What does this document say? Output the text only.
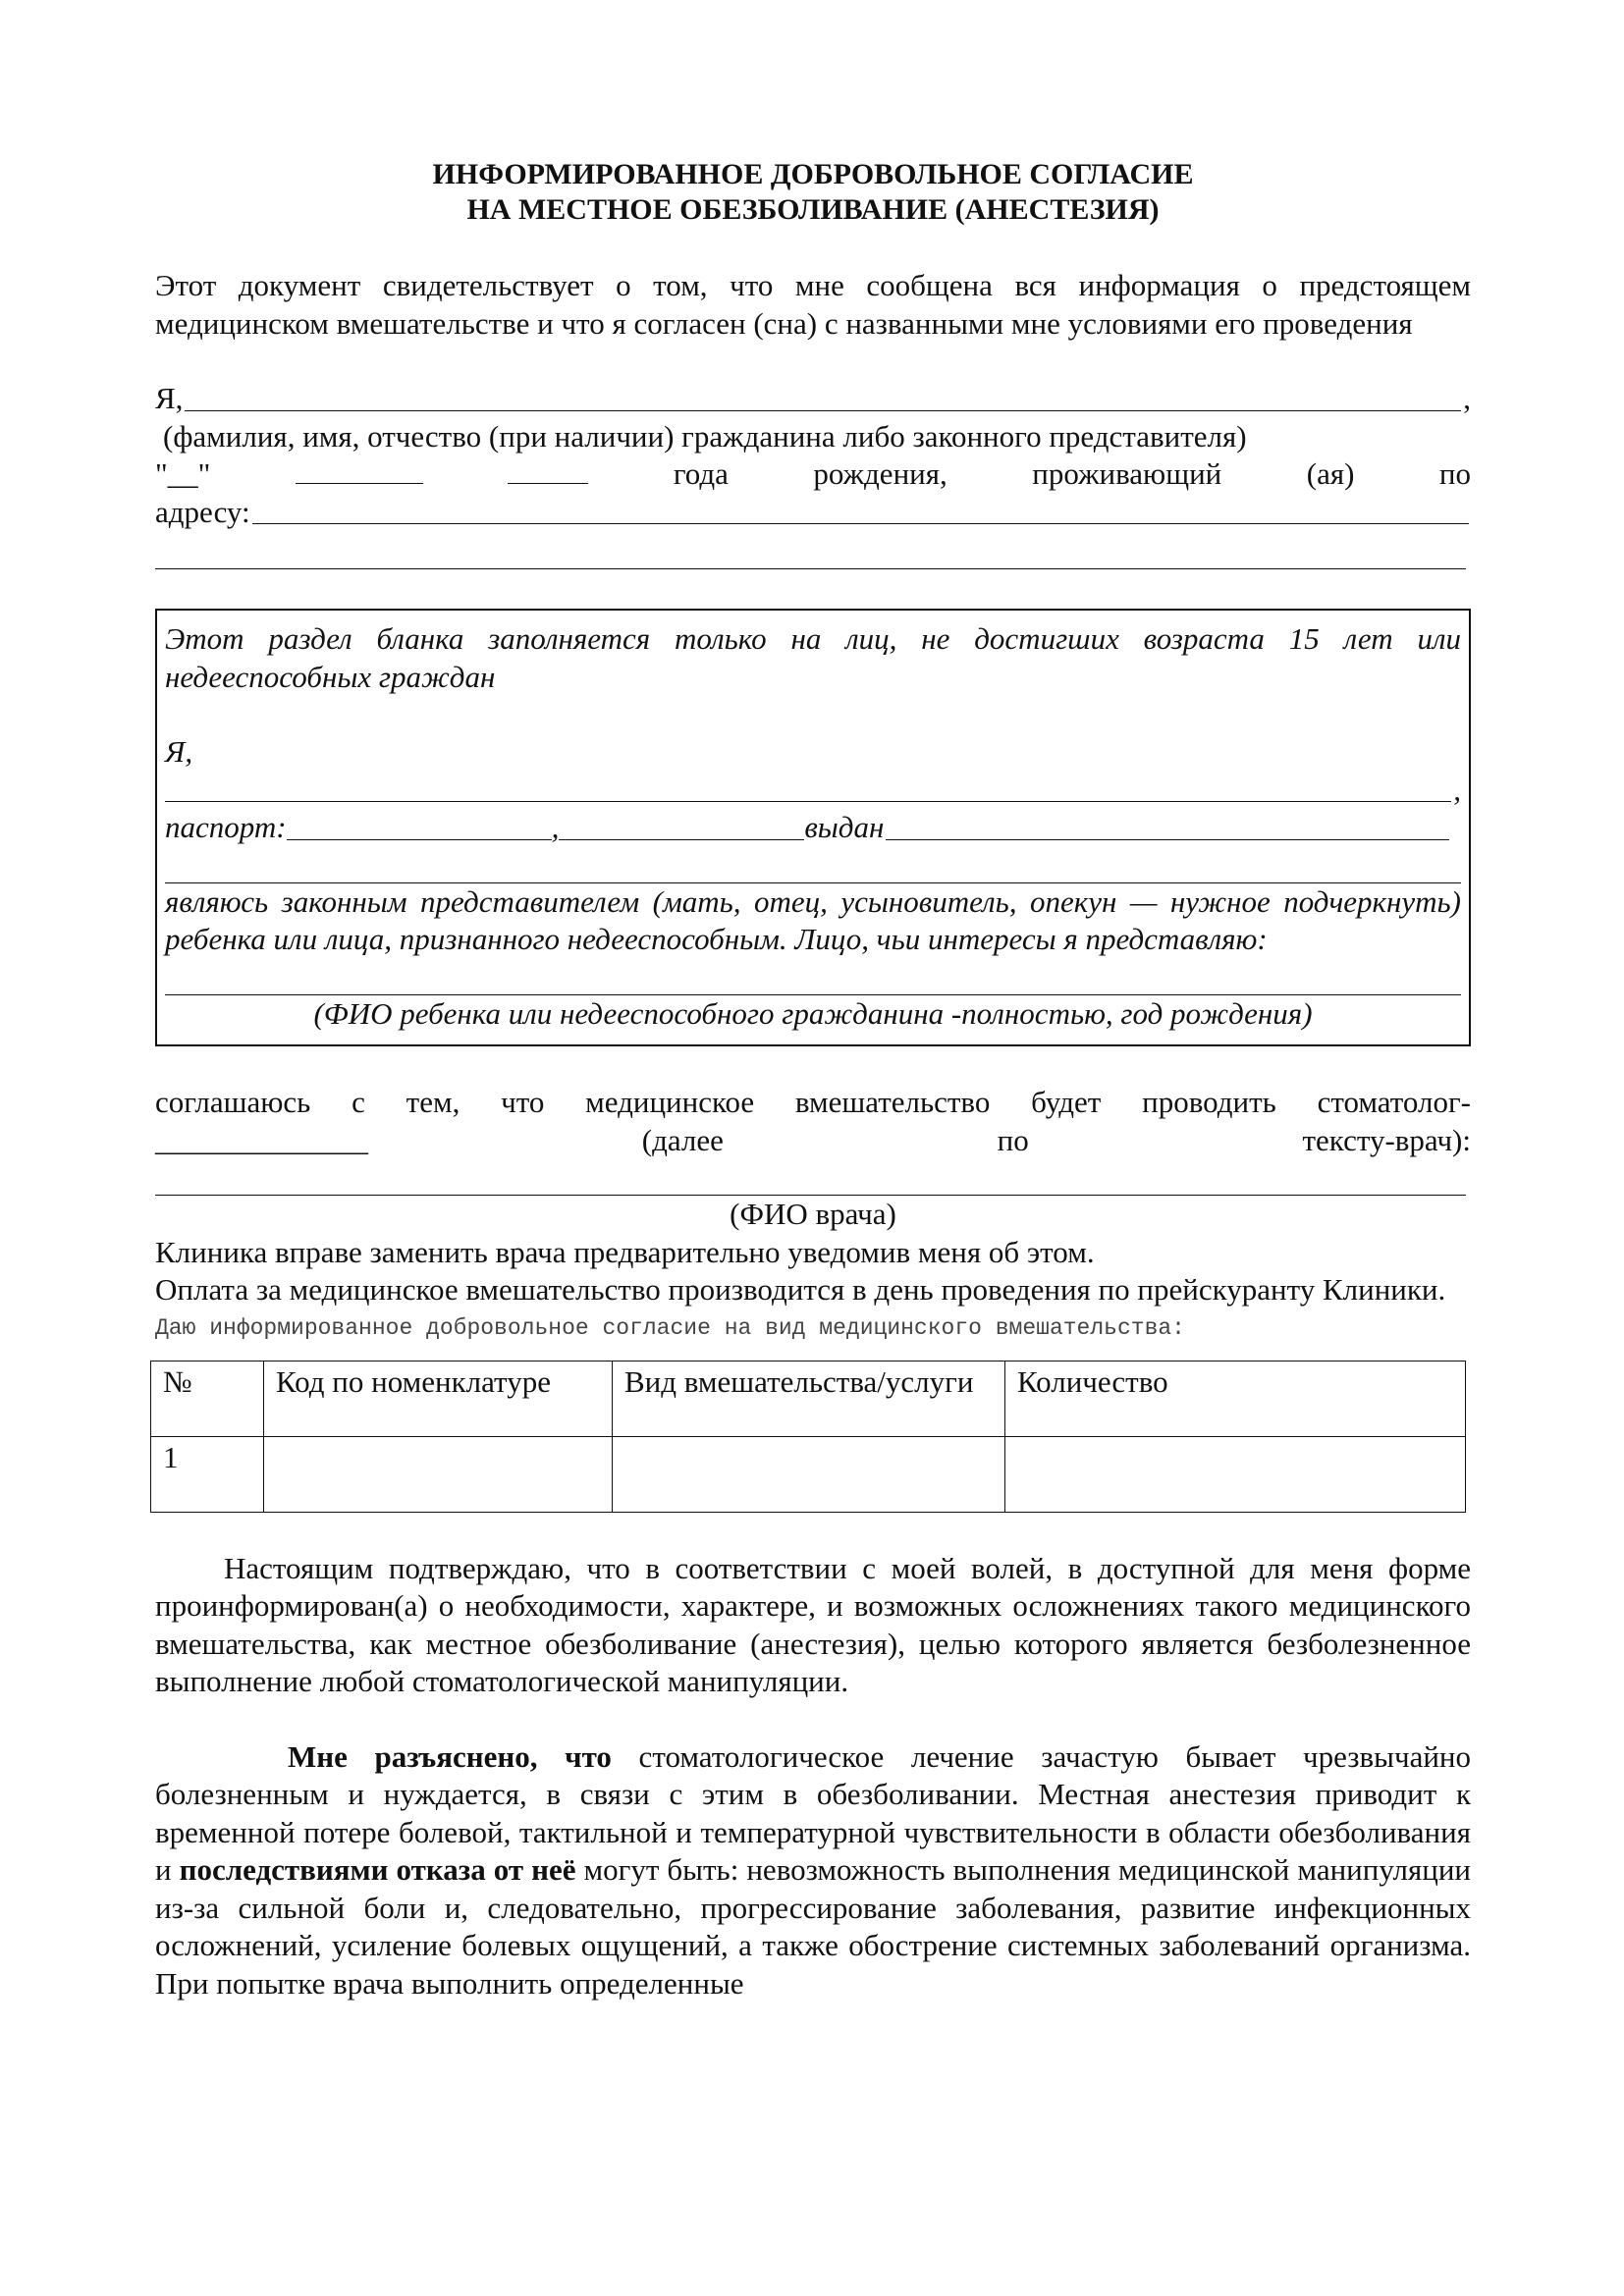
ИНФОРМИРОВАННОЕ ДОБРОВОЛЬНОЕ СОГЛАСИЕ
НА МЕСТНОЕ ОБЕЗБОЛИВАНИЕ (АНЕСТЕЗИЯ)

Этот документ свидетельствует о том, что мне сообщена вся информация о предстоящем медицинском вмешательстве и что я согласен (сна) с названными мне условиями его проведения

Я,	,
(фамилия, имя, отчество (при наличии) гражданина либо законного представителя)
"__"	года рождения, проживающий (ая) по
адресу:

Этот раздел бланка заполняется только на лиц, не достигших возраста 15 лет или недееспособных граждан

Я,
,
паспорт:	,	выдан

являюсь законным представителем (мать, отец, усыновитель, опекун — нужное подчеркнуть) ребенка или лица, признанного недееспособным. Лицо, чьи интересы я представляю:

(ФИО ребенка или недееспособного гражданина -полностью, год рождения)
соглашаюсь с тем, что медицинское вмешательство будет проводить стоматолог-
______________	(далее	по	тексту-врач):
(ФИО врача)

Клиника вправе заменить врача предварительно уведомив меня об этом.

Оплата за медицинское вмешательство производится в день проведения по прейскуранту Клиники.

Даю информированное добровольное согласие на вид медицинского вмешательства:
№	Код по номенклатуре	Вид вмешательства/услуги	Количество
1			

Настоящим подтверждаю, что в соответствии с моей волей, в доступной для меня форме проинформирован(а) о необходимости, характере, и возможных осложнениях такого медицинского вмешательства, как местное обезболивание (анестезия), целью которого является безболезненное выполнение любой стоматологической манипуляции.

Мне разъяснено, что стоматологическое лечение зачастую бывает чрезвычайно болезненным и нуждается, в связи с этим в обезболивании. Местная анестезия приводит к временной потере болевой, тактильной и температурной чувствительности в области обезболивания и последствиями отказа от неё могут быть: невозможность выполнения медицинской манипуляции из-за сильной боли и, следовательно, прогрессирование заболевания, развитие инфекционных осложнений, усиление болевых ощущений, а также обострение системных заболеваний организма. При попытке врача выполнить определенные
